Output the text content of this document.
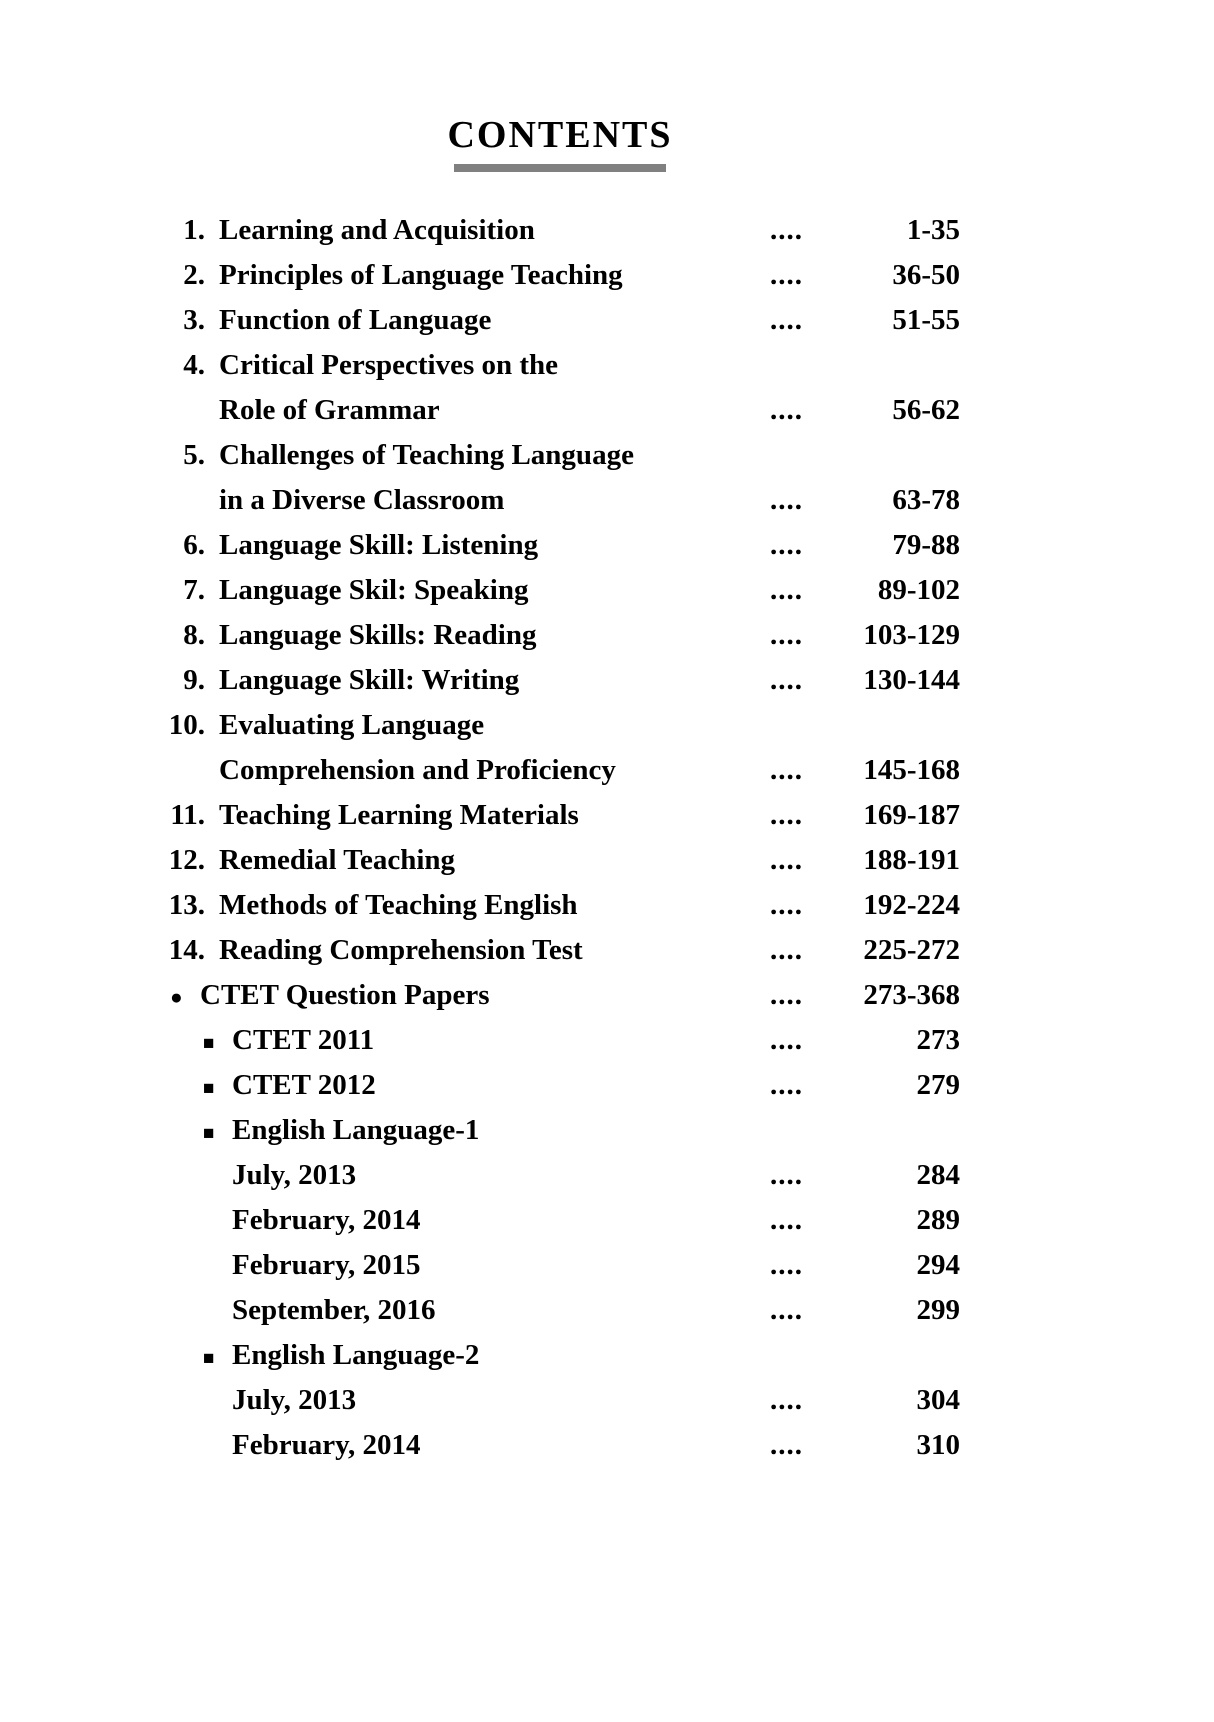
CONTENTS
1. Learning and Acquisition	....	1-35
2. Principles of Language Teaching	....	36-50
3. Function of Language	....	51-55
4. Critical Perspectives on the
Role of Grammar	....	56-62
5. Challenges of Teaching Language
in a Diverse Classroom	....	63-78
6. Language Skill: Listening	....	79-88
7. Language Skil: Speaking	....	89-102
8. Language Skills: Reading	....	103-129
9. Language Skill: Writing	....	130-144
10. Evaluating Language
Comprehension and Proficiency	....	145-168
11. Teaching Learning Materials	....	169-187
12. Remedial Teaching	....	188-191
13. Methods of Teaching English	....	192-224
14. Reading Comprehension Test	....	225-272
● CTET Question Papers	....	273-368
■ CTET 2011	....	273
■ CTET 2012	....	279
■ English Language-1
July, 2013	....	284
February, 2014	....	289
February, 2015	....	294
September, 2016	....	299
■ English Language-2
July, 2013	....	304
February, 2014	....	310
